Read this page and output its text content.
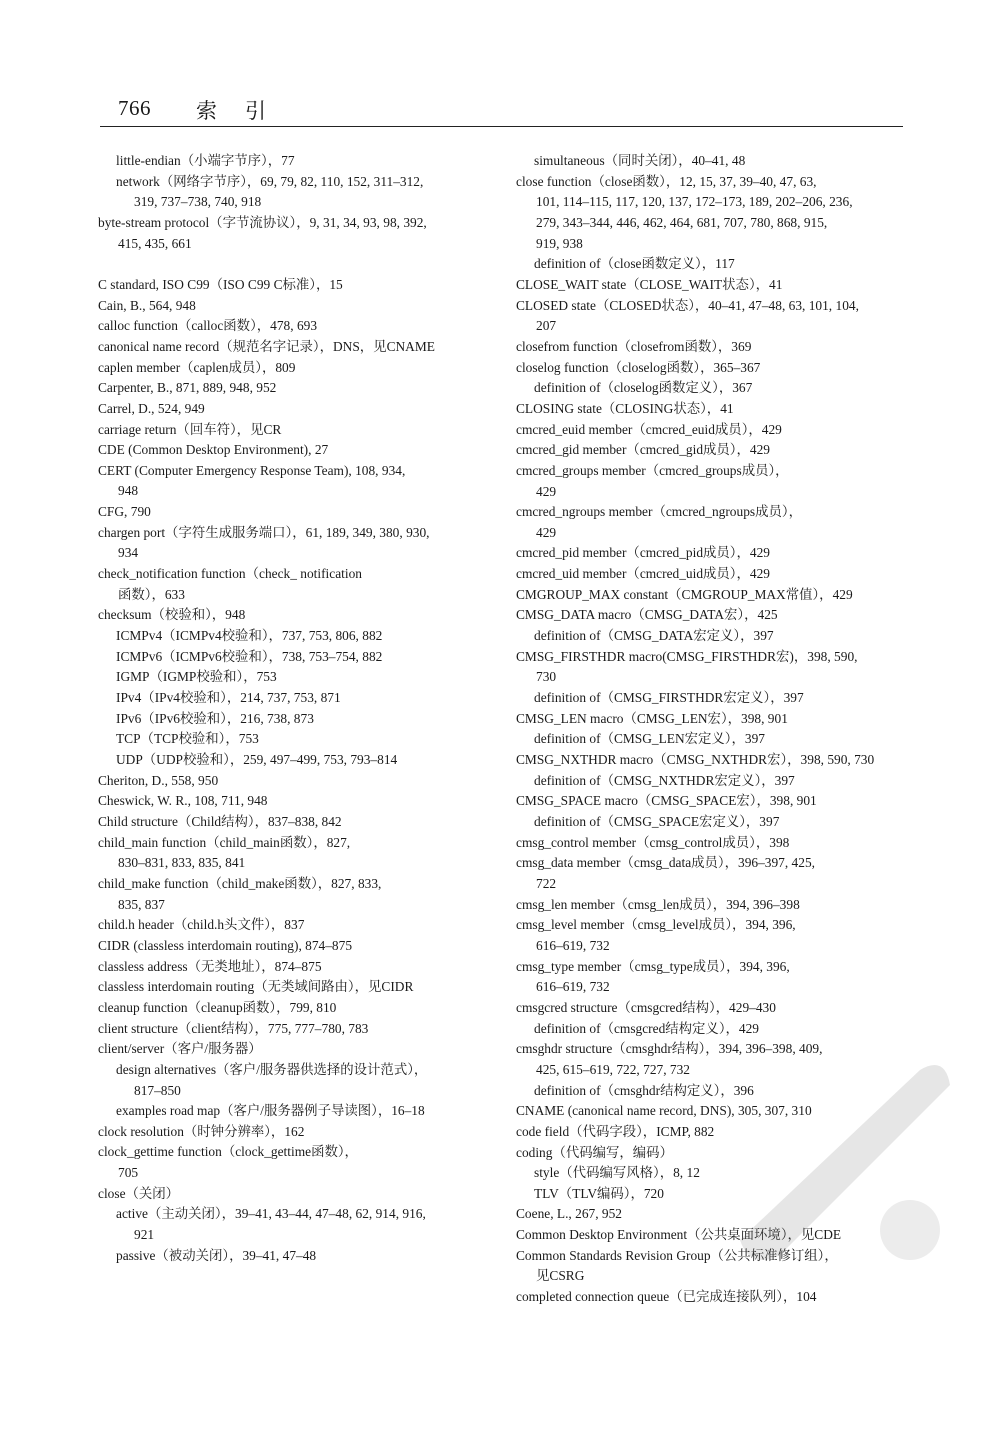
766 索引
little-endian（小端字节序），77
network（网络字节序），69, 79, 82, 110, 152, 311–312,
319, 737–738, 740, 918
byte-stream protocol（字节流协议），9, 31, 34, 93, 98, 392,
415, 435, 661
C standard, ISO C99（ISO C99 C标准），15
Cain, B., 564, 948
calloc function（calloc函数），478, 693
canonical name record（规范名字记录），DNS，见CNAME
caplen member（caplen成员），809
Carpenter, B., 871, 889, 948, 952
Carrel, D., 524, 949
carriage return（回车符），见CR
CDE (Common Desktop Environment), 27
CERT (Computer Emergency Response Team), 108, 934,
948
CFG, 790
chargen port（字符生成服务端口），61, 189, 349, 380, 930,
934
check_notification function（check_ notification
函数），633
checksum（校验和），948
ICMPv4（ICMPv4校验和），737, 753, 806, 882
ICMPv6（ICMPv6校验和），738, 753–754, 882
IGMP（IGMP校验和），753
IPv4（IPv4校验和），214, 737, 753, 871
IPv6（IPv6校验和），216, 738, 873
TCP（TCP校验和），753
UDP（UDP校验和），259, 497–499, 753, 793–814
Cheriton, D., 558, 950
Cheswick, W. R., 108, 711, 948
Child structure（Child结构），837–838, 842
child_main function（child_main函数），827,
830–831, 833, 835, 841
child_make function（child_make函数），827, 833,
835, 837
child.h header（child.h头文件），837
CIDR (classless interdomain routing), 874–875
classless address（无类地址），874–875
classless interdomain routing（无类域间路由），见CIDR
cleanup function（cleanup函数），799, 810
client structure（client结构），775, 777–780, 783
client/server（客户/服务器）
design alternatives（客户/服务器供选择的设计范式），
817–850
examples road map（客户/服务器例子导读图），16–18
clock resolution（时钟分辨率），162
clock_gettime function（clock_gettime函数），
705
close（关闭）
active（主动关闭），39–41, 43–44, 47–48, 62, 914, 916,
921
passive（被动关闭），39–41, 47–48
simultaneous（同时关闭），40–41, 48
close function（close函数），12, 15, 37, 39–40, 47, 63,
101, 114–115, 117, 120, 137, 172–173, 189, 202–206, 236,
279, 343–344, 446, 462, 464, 681, 707, 780, 868, 915,
919, 938
definition of（close函数定义），117
CLOSE_WAIT state（CLOSE_WAIT状态），41
CLOSED state（CLOSED状态），40–41, 47–48, 63, 101, 104,
207
closefrom function（closefrom函数），369
closelog function（closelog函数），365–367
definition of（closelog函数定义），367
CLOSING state（CLOSING状态），41
cmcred_euid member（cmcred_euid成员），429
cmcred_gid member（cmcred_gid成员），429
cmcred_groups member（cmcred_groups成员），
429
cmcred_ngroups member（cmcred_ngroups成员），
429
cmcred_pid member（cmcred_pid成员），429
cmcred_uid member（cmcred_uid成员），429
CMGROUP_MAX constant（CMGROUP_MAX常值），429
CMSG_DATA macro（CMSG_DATA宏），425
definition of（CMSG_DATA宏定义），397
CMSG_FIRSTHDR macro(CMSG_FIRSTHDR宏)，398, 590,
730
definition of（CMSG_FIRSTHDR宏定义），397
CMSG_LEN macro（CMSG_LEN宏），398, 901
definition of（CMSG_LEN宏定义），397
CMSG_NXTHDR macro（CMSG_NXTHDR宏），398, 590, 730
definition of（CMSG_NXTHDR宏定义），397
CMSG_SPACE macro（CMSG_SPACE宏），398, 901
definition of（CMSG_SPACE宏定义），397
cmsg_control member（cmsg_control成员），398
cmsg_data member（cmsg_data成员），396–397, 425,
722
cmsg_len member（cmsg_len成员），394, 396–398
cmsg_level member（cmsg_level成员），394, 396,
616–619, 732
cmsg_type member（cmsg_type成员），394, 396,
616–619, 732
cmsgcred structure（cmsgcred结构），429–430
definition of（cmsgcred结构定义），429
cmsghdr structure（cmsghdr结构），394, 396–398, 409,
425, 615–619, 722, 727, 732
definition of（cmsghdr结构定义），396
CNAME (canonical name record, DNS), 305, 307, 310
code field（代码字段），ICMP, 882
coding（代码编写，编码）
style（代码编写风格），8, 12
TLV（TLV编码），720
Coene, L., 267, 952
Common Desktop Environment（公共桌面环境），见CDE
Common Standards Revision Group（公共标准修订组），
见CSRG
completed connection queue（已完成连接队列），104
